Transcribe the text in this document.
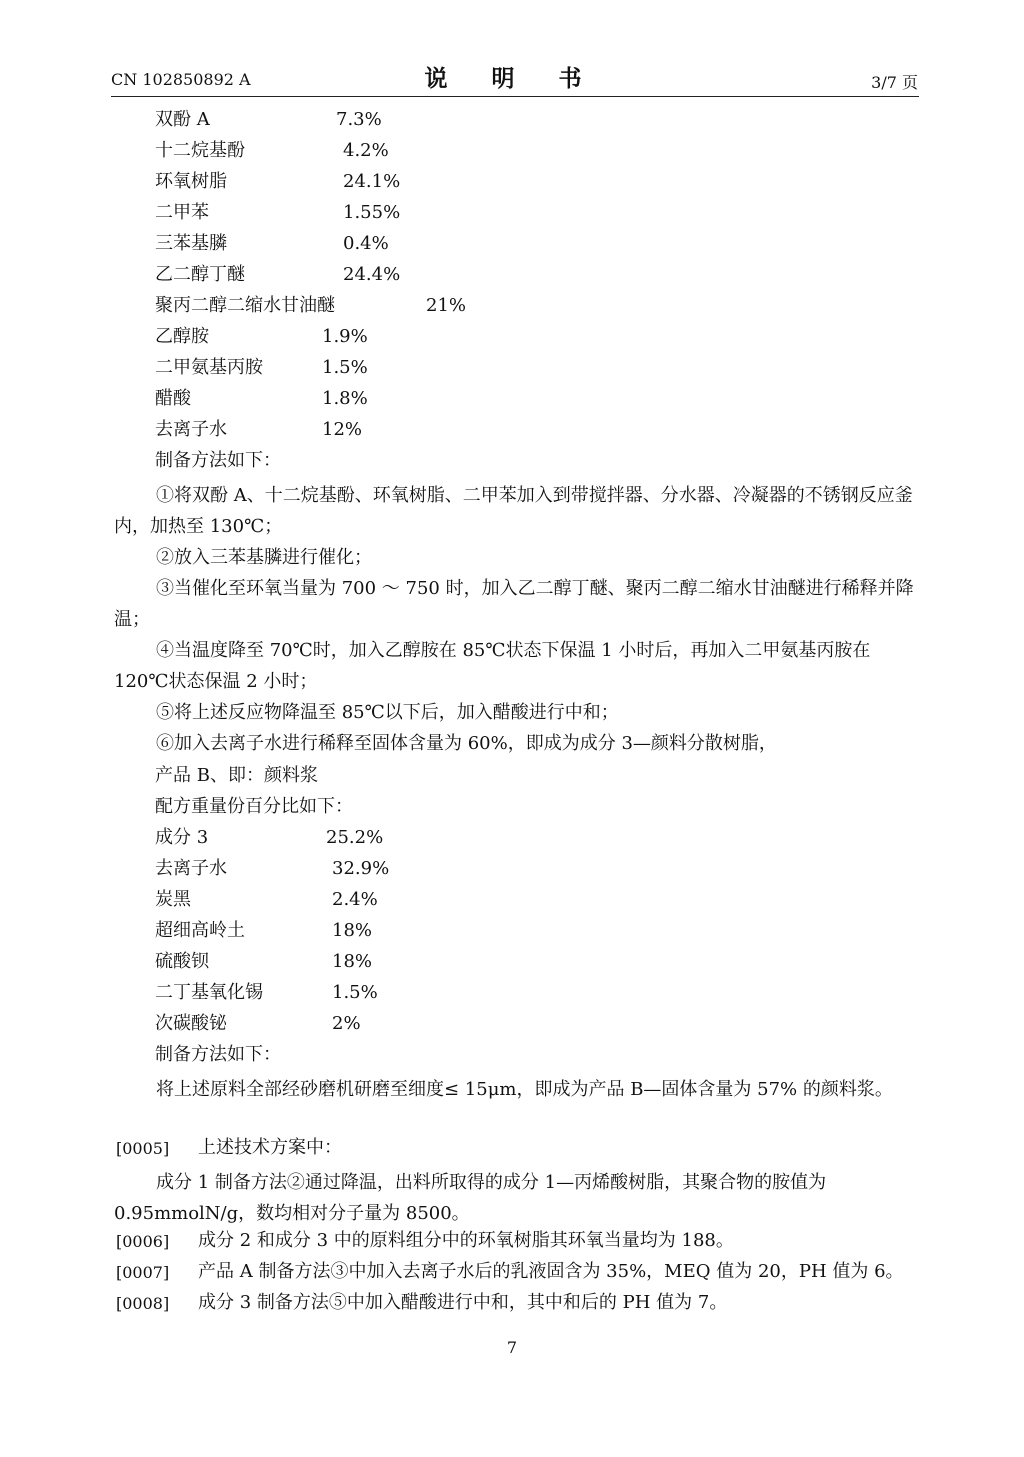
CN 102850892 A	说 明 书	3/7 页
双酚 A	7.3%
十二烷基酚	4.2%
环氧树脂	24.1%
二甲苯	1.55%
三苯基膦	0.4%
乙二醇丁醚	24.4%
聚丙二醇二缩水甘油醚	21%
乙醇胺	1.9%
二甲氨基丙胺	1.5%
醋酸	1.8%
去离子水	12%
制备方法如下：
①将双酚 A、十二烷基酚、环氧树脂、二甲苯加入到带搅拌器、分水器、冷凝器的不锈钢反应釜内，加热至 130℃；
②放入三苯基膦进行催化；
③当催化至环氧当量为 700 ～ 750 时，加入乙二醇丁醚、聚丙二醇二缩水甘油醚进行稀释并降温；
④当温度降至 70℃时，加入乙醇胺在 85℃状态下保温 1 小时后，再加入二甲氨基丙胺在 120℃状态保温 2 小时；
⑤将上述反应物降温至 85℃以下后，加入醋酸进行中和；
⑥加入去离子水进行稀释至固体含量为 60%，即成为成分 3—颜料分散树脂，
产品 B、即：颜料浆
配方重量份百分比如下：
成分 3	25.2%
去离子水	32.9%
炭黑	2.4%
超细高岭土	18%
硫酸钡	18%
二丁基氧化锡	1.5%
次碳酸铋	2%
制备方法如下：
将上述原料全部经砂磨机研磨至细度≤ 15μm，即成为产品 B—固体含量为 57% 的颜料浆。
[0005] 上述技术方案中：
成分 1 制备方法②通过降温，出料所取得的成分 1—丙烯酸树脂，其聚合物的胺值为 0.95mmolN/g，数均相对分子量为 8500。
[0006] 成分 2 和成分 3 中的原料组分中的环氧树脂其环氧当量均为 188。
[0007] 产品 A 制备方法③中加入去离子水后的乳液固含为 35%，MEQ 值为 20，PH 值为 6。
[0008] 成分 3 制备方法⑤中加入醋酸进行中和，其中和后的 PH 值为 7。
7
